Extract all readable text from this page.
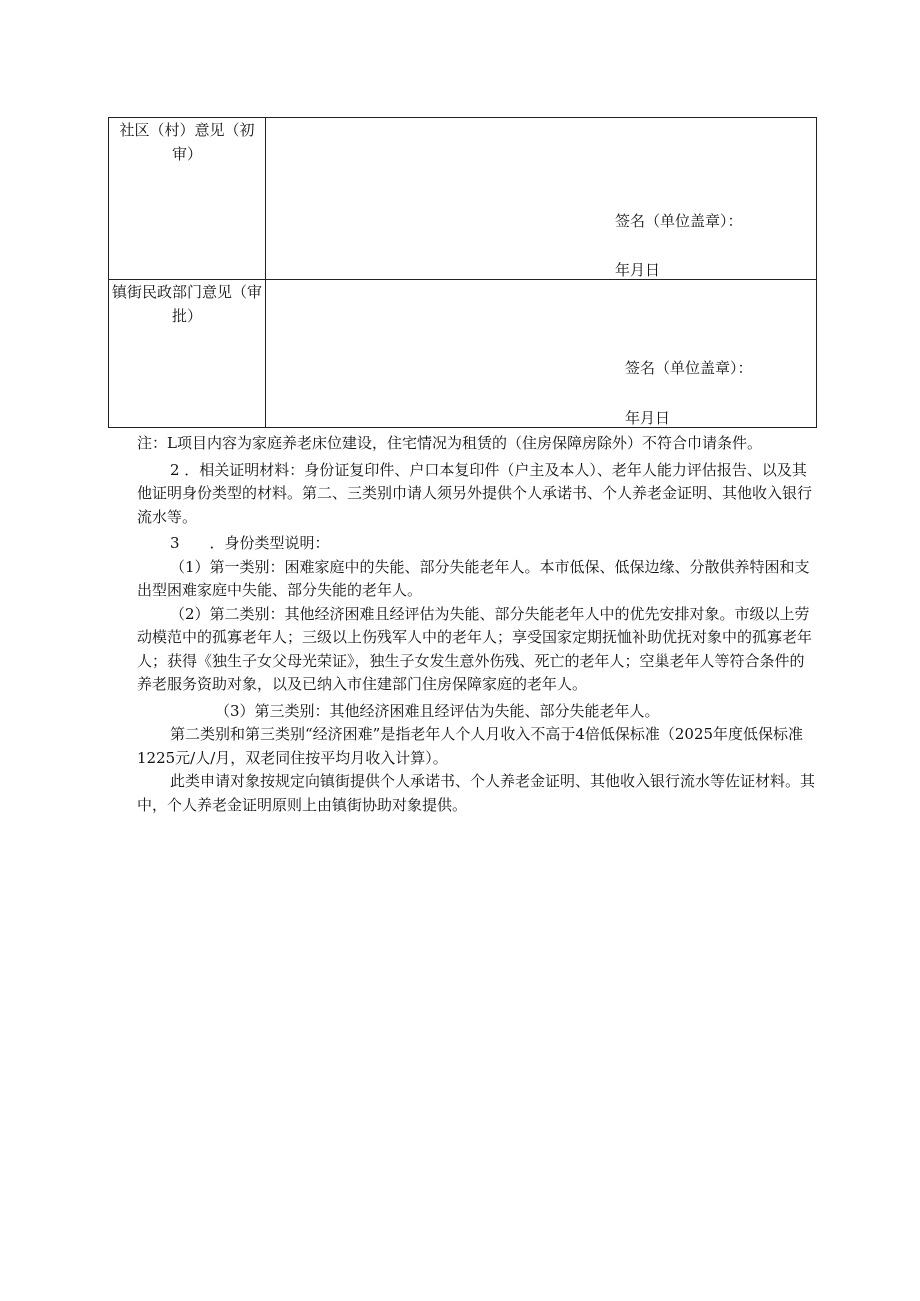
社区（村）意见（初审）	签名（单位盖章）：
年月日

镇街民政部门意见（审批）	签名（单位盖章）：
年月日

注：L项目内容为家庭养老床位建设，住宅情况为租赁的（住房保障房除外）不符合巾请条件。

2 ．相关证明材料：身份证复印件、户口本复印件（户主及本人）、老年人能力评估报告、以及其他证明身份类型的材料。第二、三类别巾请人须另外提供个人承诺书、个人养老金证明、其他收入银行流水等。

3　　．身份类型说明：

（1）第一类别：困难家庭中的失能、部分失能老年人。本市低保、低保边缘、分散供养特困和支出型困难家庭中失能、部分失能的老年人。

（2）第二类别：其他经济困难且经评估为失能、部分失能老年人中的优先安排对象。市级以上劳动模范中的孤寡老年人；三级以上伤残军人中的老年人；享受国家定期抚恤补助优抚对象中的孤寡老年人；获得《独生子女父母光荣证》，独生子女发生意外伤残、死亡的老年人；空巢老年人等符合条件的养老服务资助对象，以及已纳入市住建部门住房保障家庭的老年人。

（3）第三类别：其他经济困难且经评估为失能、部分失能老年人。

第二类别和第三类别“经济困难”是指老年人个人月收入不高于4倍低保标准（2025年度低保标准1225元/人/月，双老同住按平均月收入计算）。

此类申请对象按规定向镇街提供个人承诺书、个人养老金证明、其他收入银行流水等佐证材料。其中，个人养老金证明原则上由镇街协助对象提供。
